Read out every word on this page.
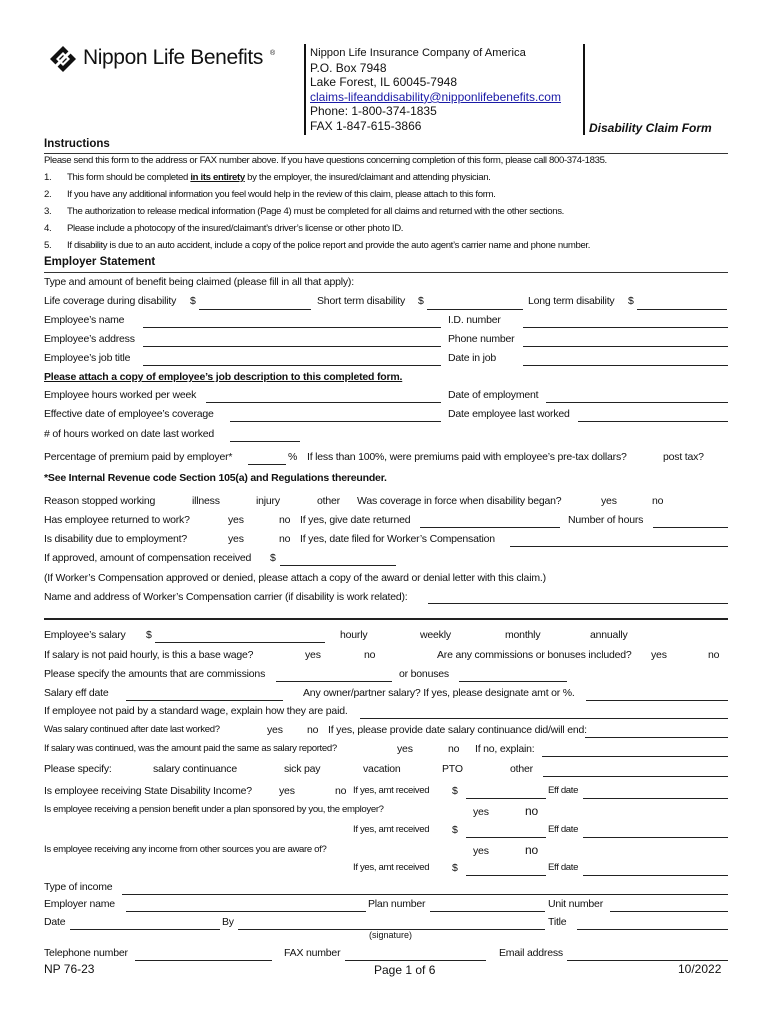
Nippon Life Benefits ®	Nippon Life Insurance Company of America
P.O. Box 7948
Lake Forest, IL 60045-7948
claims-lifeanddisability@nipponlifebenefits.com
Phone: 1-800-374-1835
FAX 1-847-615-3866	Disability Claim Form
Instructions
Please send this form to the address or FAX number above. If you have questions concerning completion of this form, please call 800-374-1835.
1. This form should be completed in its entirety by the employer, the insured/claimant and attending physician.
2. If you have any additional information you feel would help in the review of this claim, please attach to this form.
3. The authorization to release medical information (Page 4) must be completed for all claims and returned with the other sections.
4. Please include a photocopy of the insured/claimant’s driver’s license or other photo ID.
5. If disability is due to an auto accident, include a copy of the police report and provide the auto agent’s carrier name and phone number.
Employer Statement
Type and amount of benefit being claimed (please fill in all that apply):
Life coverage during disability $	Short term disability $	Long term disability $
Employee’s name	I.D. number
Employee’s address	Phone number
Employee’s job title	Date in job
Please attach a copy of employee’s job description to this completed form.
Employee hours worked per week	Date of employment
Effective date of employee’s coverage	Date employee last worked
# of hours worked on date last worked
Percentage of premium paid by employer*	% If less than 100%, were premiums paid with employee’s pre-tax dollars?	post tax?
*See Internal Revenue code Section 105(a) and Regulations thereunder.
Reason stopped working	illness	injury	other Was coverage in force when disability began?	yes	no
Has employee returned to work?	yes	no If yes, give date returned	Number of hours
Is disability due to employment?	yes	no If yes, date filed for Worker’s Compensation
If approved, amount of compensation received $
(If Worker’s Compensation approved or denied, please attach a copy of the award or denial letter with this claim.)
Name and address of Worker’s Compensation carrier (if disability is work related):
Employee’s salary $	hourly	weekly	monthly	annually
If salary is not paid hourly, is this a base wage?	yes	no	Are any commissions or bonuses included? yes	no
Please specify the amounts that are commissions	or bonuses
Salary eff date	Any owner/partner salary? If yes, please designate amt or %.
If employee not paid by a standard wage, explain how they are paid.
Was salary continued after date last worked?	yes no If yes, please provide date salary continuance did/will end:
If salary was continued, was the amount paid the same as salary reported?	yes	no If no, explain:
Please specify:	salary continuance	sick pay	vacation	PTO	other
Is employee receiving State Disability Income?	yes	no If yes, amt received $	Eff date
Is employee receiving a pension benefit under a plan sponsored by you, the employer?	yes	no
If yes, amt received $	Eff date
Is employee receiving any income from other sources you are aware of?	yes	no
If yes, amt received $	Eff date
Type of income
Employer name	Plan number	Unit number
Date	By	Title
(signature)
Telephone number	FAX number	Email address
NP 76-23	Page 1 of 6	10/2022
